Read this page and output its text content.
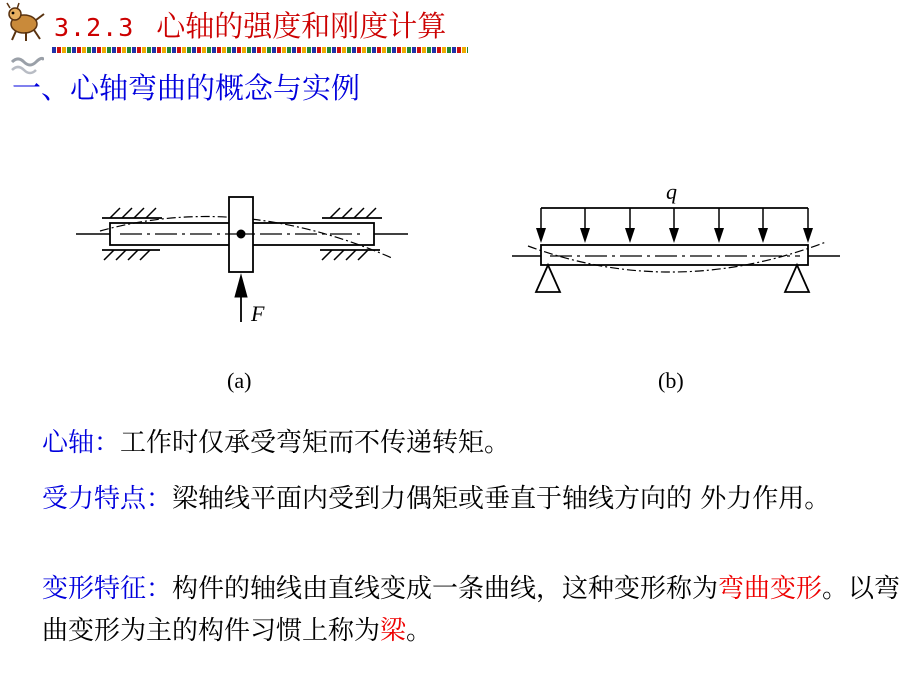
3.2.3 心轴的强度和刚度计算
一、心轴弯曲的概念与实例
F
q
(a)	(b)

心轴：工作时仅承受弯矩而不传递转矩。

受力特点：梁轴线平面内受到力偶矩或垂直于轴线方向的 外力作用。

变形特征：构件的轴线由直线变成一条曲线，这种变形称为弯曲变形。以弯曲变形为主的构件习惯上称为梁。
